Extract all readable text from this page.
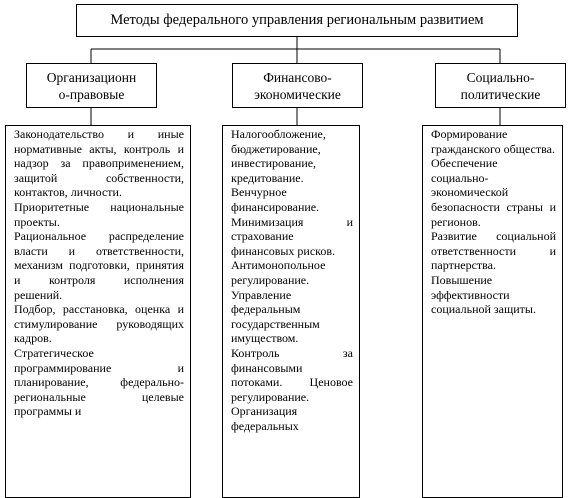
Методы федерального управления региональным развитием
Организационн
о-правовые
Финансово-
экономические
Социально-
политические

Законодательство и иные нормативные акты, контроль и надзор за правоприменением, защитой собственности, контактов, личности.

Приоритетные национальные проекты.

Рациональное распределение власти и ответственности, механизм подготовки, принятия и контроля исполнения решений.

Подбор, расстановка, оценка и стимулирование руководящих кадров.

Стратегическое программирование и планирование, федерально-региональные целевые программы и

Налогообложение, бюджетирование, инвестирование, кредитование.

Венчурное финансирование.

Минимизация и страхование финансовых рисков.

Антимонопольное регулирование.

Управление федеральным государственным имуществом.

Контроль за финансовыми потоками. Ценовое регулирование.

Организация федеральных

Формирование гражданского общества.

Обеспечение социально-экономической безопасности страны и регионов.

Развитие социальной ответственности и партнерства.

Повышение эффективности социальной защиты.
